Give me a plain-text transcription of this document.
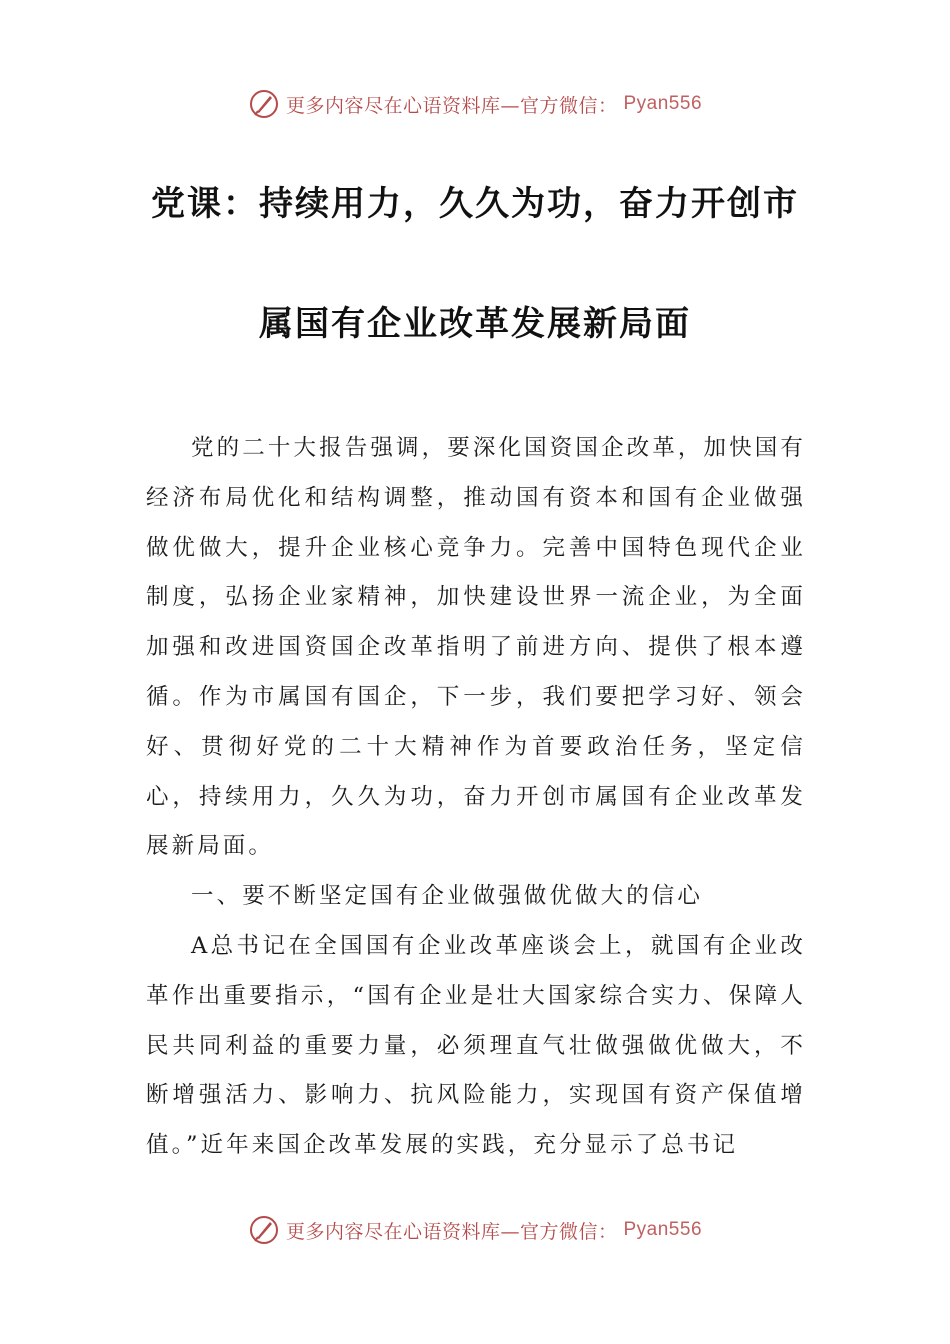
更多内容尽在心语资料库—官方微信： Pyan556
党课：持续用力，久久为功，奋力开创市
属国有企业改革发展新局面

党的二十大报告强调，要深化国资国企改革，加快国有经济布局优化和结构调整，推动国有资本和国有企业做强做优做大，提升企业核心竞争力。完善中国特色现代企业制度，弘扬企业家精神，加快建设世界一流企业，为全面加强和改进国资国企改革指明了前进方向、提供了根本遵循。作为市属国有国企，下一步，我们要把学习好、领会好、贯彻好党的二十大精神作为首要政治任务，坚定信心，持续用力，久久为功，奋力开创市属国有企业改革发展新局面。

一、要不断坚定国有企业做强做优做大的信心

A总书记在全国国有企业改革座谈会上，就国有企业改革作出重要指示，“国有企业是壮大国家综合实力、保障人民共同利益的重要力量，必须理直气壮做强做优做大，不断增强活力、影响力、抗风险能力，实现国有资产保值增值。”近年来国企改革发展的实践，充分显示了总书记

更多内容尽在心语资料库—官方微信： Pyan556
